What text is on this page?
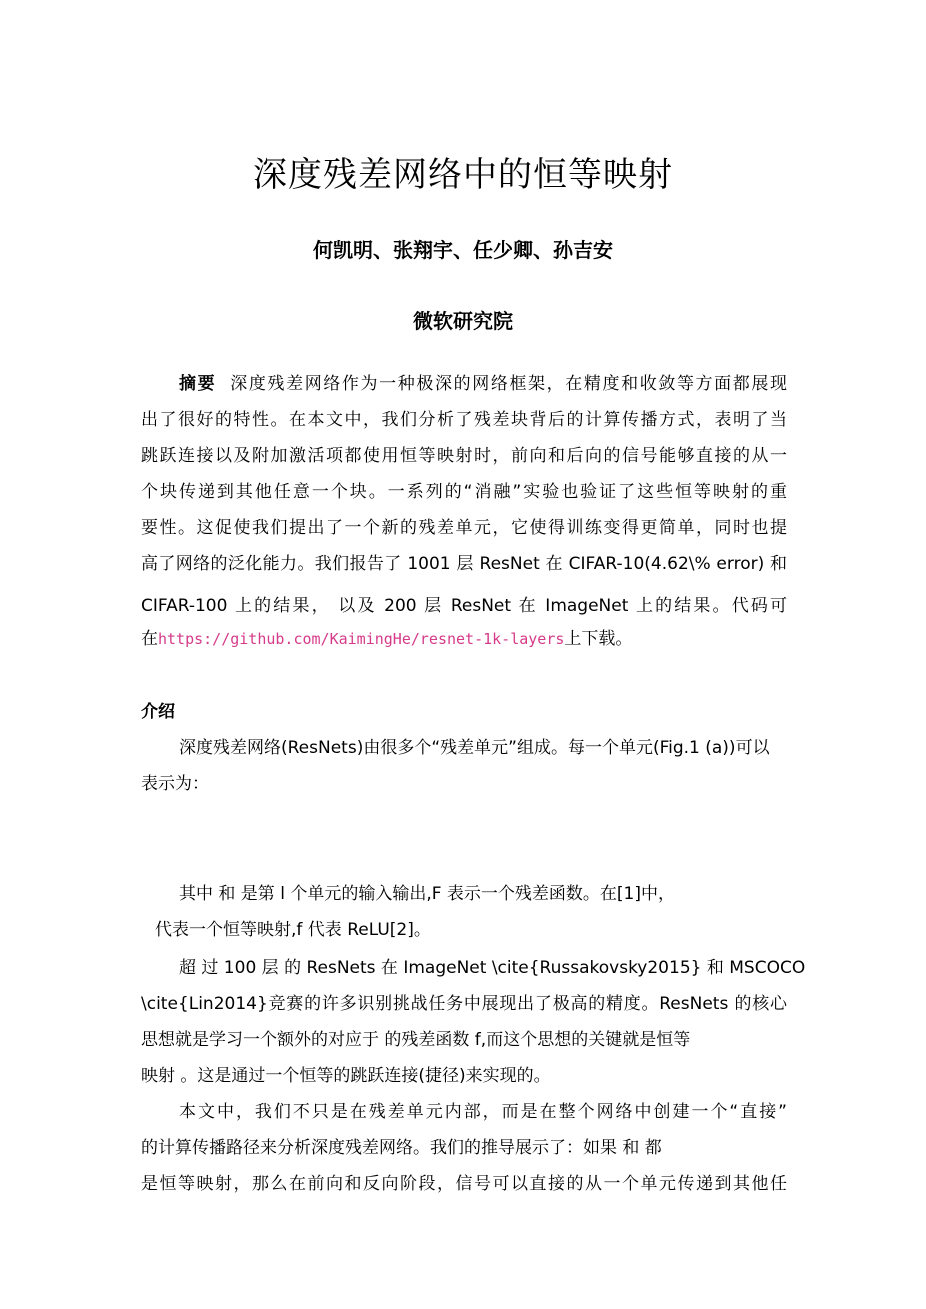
深度残差网络中的恒等映射

何凯明、张翔宇、任少卿、孙吉安

微软研究院

摘要 深度残差网络作为一种极深的网络框架，在精度和收敛等方面都展现

出了很好的特性。在本文中，我们分析了残差块背后的计算传播方式，表明了当

跳跃连接以及附加激活项都使用恒等映射时，前向和后向的信号能够直接的从一

个块传递到其他任意一个块。一系列的“消融”实验也验证了这些恒等映射的重

要性。这促使我们提出了一个新的残差单元，它使得训练变得更简单，同时也提

高了网络的泛化能力。我们报告了 1001 层 ResNet 在 CIFAR-10(4.62\% error) 和

CIFAR-100 上的结果， 以及 200 层 ResNet 在 ImageNet 上的结果。代码可

在https://github.com/KaimingHe/resnet-1k-layers上下载。

介绍

深度残差网络(ResNets)由很多个“残差单元”组成。每一个单元(Fig.1 (a))可以

表示为：

其中 和 是第 l 个单元的输入输出,F 表示一个残差函数。在[1]中，

代表一个恒等映射,f 代表 ReLU[2]。

超 过 100 层 的 ResNets 在 ImageNet \cite{Russakovsky2015} 和 MSCOCO

\cite{Lin2014}竞赛的许多识别挑战任务中展现出了极高的精度。ResNets 的核心

思想就是学习一个额外的对应于 的残差函数 f,而这个思想的关键就是恒等

映射 。这是通过一个恒等的跳跃连接(捷径)来实现的。

本文中，我们不只是在残差单元内部，而是在整个网络中创建一个“直接”

的计算传播路径来分析深度残差网络。我们的推导展示了：如果 和 都

是恒等映射，那么在前向和反向阶段，信号可以直接的从一个单元传递到其他任
